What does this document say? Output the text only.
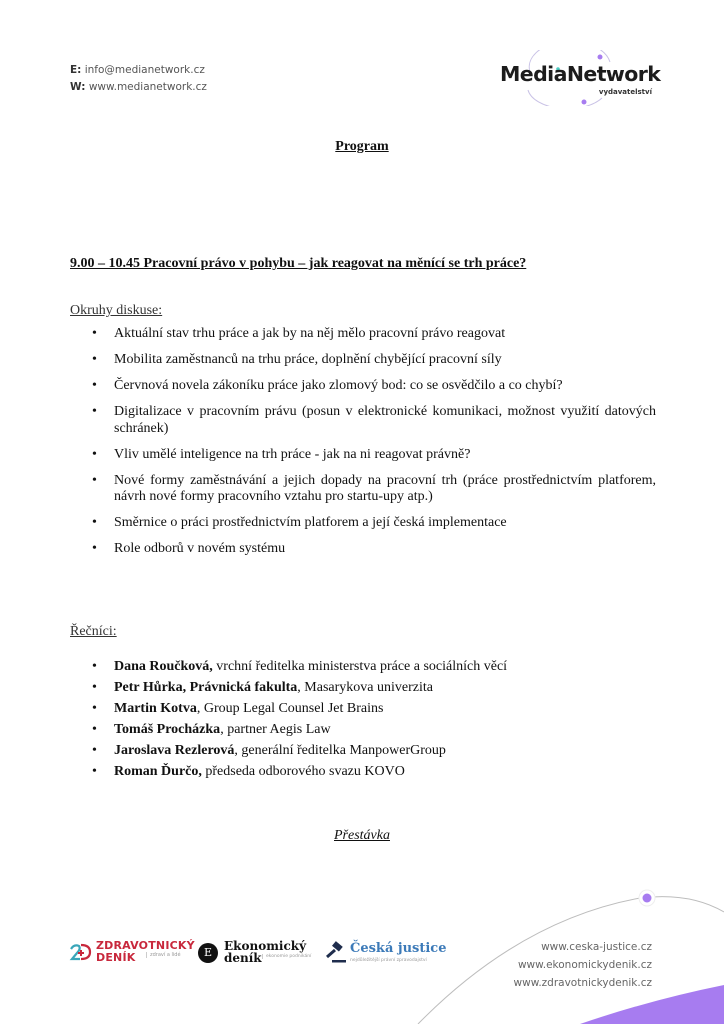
E: info@medianetwork.cz
W: www.medianetwork.cz
MediaNetwork
vydavatelství
Program
9.00 – 10.45 Pracovní právo v pohybu – jak reagovat na měnící se trh práce?
Okruhy diskuse:
• Aktuální stav trhu práce a jak by na něj mělo pracovní právo reagovat
• Mobilita zaměstnanců na trhu práce, doplnění chybějící pracovní síly
• Červnová novela zákoníku práce jako zlomový bod: co se osvědčilo a co chybí?
• Digitalizace v pracovním právu (posun v elektronické komunikaci, možnost využití datových schránek)
• Vliv umělé inteligence na trh práce - jak na ni reagovat právně?
• Nové formy zaměstnávání a jejich dopady na pracovní trh (práce prostřednictvím platforem, návrh nové formy pracovního vztahu pro startu-upy atp.)
• Směrnice o práci prostřednictvím platforem a její česká implementace
• Role odborů v novém systému
Řečníci:
• Dana Roučková, vrchní ředitelka ministerstva práce a sociálních věcí
• Petr Hůrka, Právnická fakulta, Masarykova univerzita
• Martin Kotva, Group Legal Counsel Jet Brains
• Tomáš Procházka, partner Aegis Law
• Jaroslava Rezlerová, generální ředitelka ManpowerGroup
• Roman Ďurčo, předseda odborového svazu KOVO
Přestávka
ZDRAVOTNICKÝ
DENÍK	zdraví a lidé	E Ekonomický
deník ekonomie podnikání
Česká justice
nejdůležitější právní zpravodajství
www.ceska-justice.cz
www.ekonomickydenik.cz
www.zdravotnickydenik.cz
